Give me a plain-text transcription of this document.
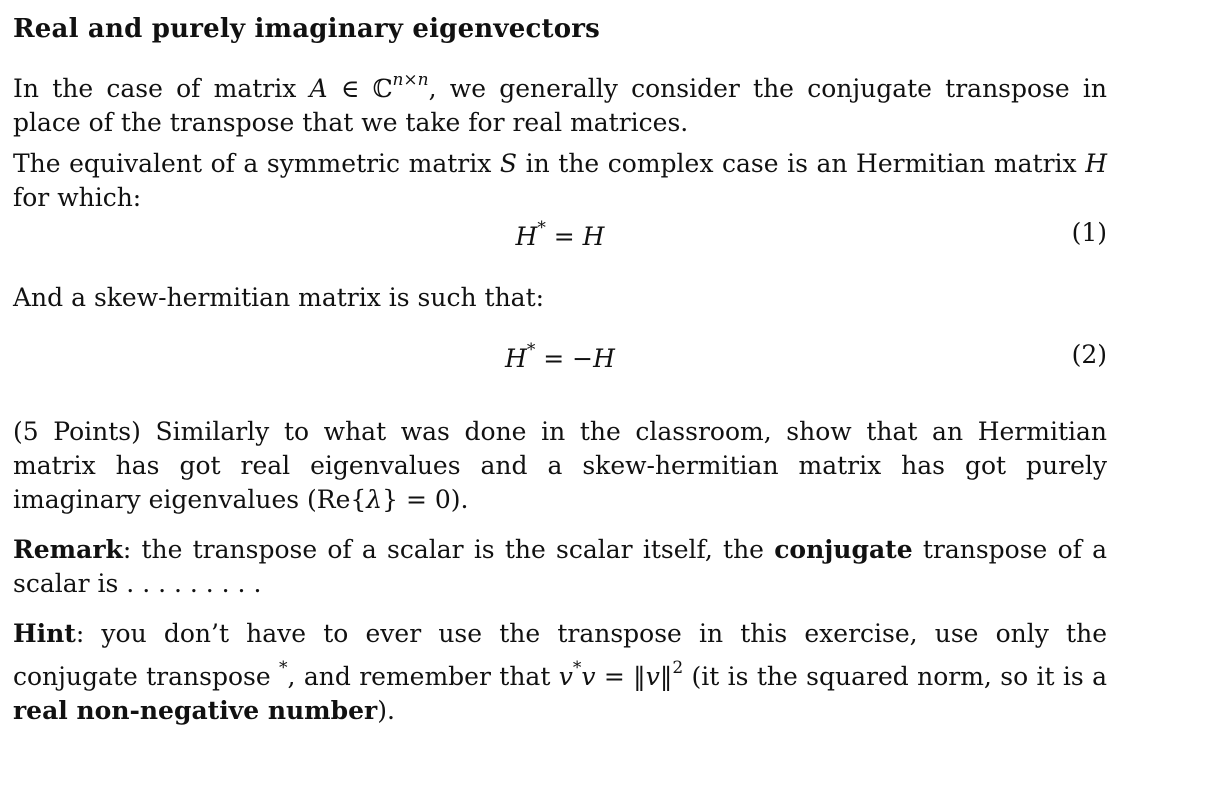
Real and purely imaginary eigenvectors
In the case of matrix A ∈ ℂ$^{n\times n}$, we generally consider the conjugate transpose in place of the transpose that we take for real matrices.
The equivalent of a symmetric matrix S in the complex case is an Hermitian matrix H for which:
H* = H	(1)
And a skew-hermitian matrix is such that:
H* = −H	(2)
(5 Points) Similarly to what was done in the classroom, show that an Hermitian matrix has got real eigenvalues and a skew-hermitian matrix has got purely imaginary eigenvalues (Re{λ} = 0).
Remark: the transpose of a scalar is the scalar itself, the conjugate transpose of a scalar is . . . . . . . . .
Hint: you don’t have to ever use the transpose in this exercise, use only the conjugate transpose *, and remember that v*v = ‖v‖$^2$ (it is the squared norm, so it is a real non-negative number).
